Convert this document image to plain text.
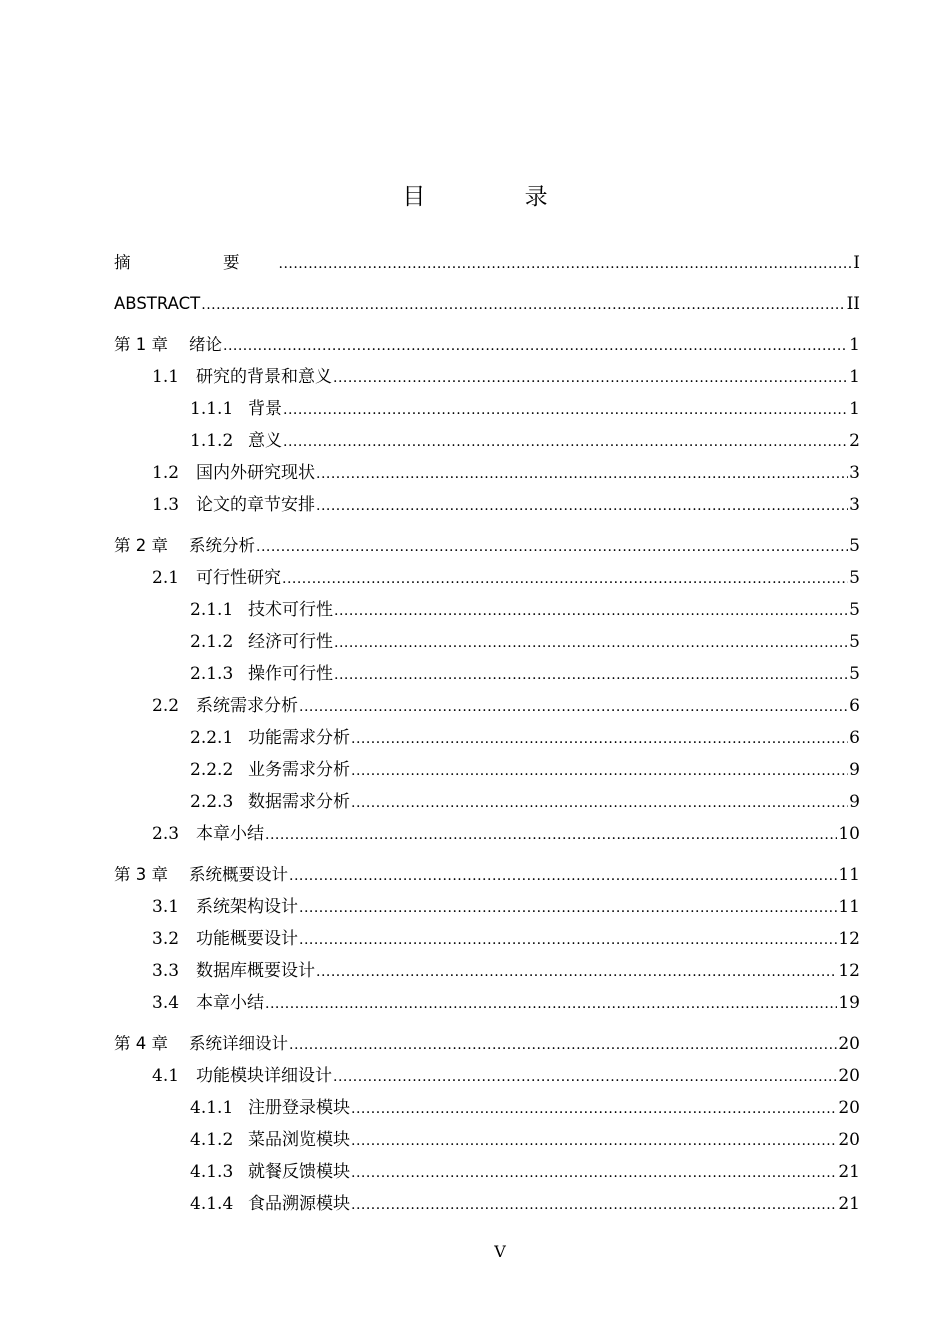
目 录
摘　要 .....	I
ABSTRACT .....	II
第 1 章	绪论 .....	1
1.1 研究的背景和意义 .....	1
1.1.1 背景 .....	1
1.1.2 意义 .....	2
1.2 国内外研究现状 .....	3
1.3 论文的章节安排 .....	3
第 2 章	系统分析 .....	5
2.1 可行性研究 .....	5
2.1.1 技术可行性 .....	5
2.1.2 经济可行性 .....	5
2.1.3 操作可行性 .....	5
2.2 系统需求分析 .....	6
2.2.1 功能需求分析 .....	6
2.2.2 业务需求分析 .....	9
2.2.3 数据需求分析 .....	9
2.3 本章小结 .....	10
第 3 章	系统概要设计 .....	11
3.1 系统架构设计 .....	11
3.2 功能概要设计 .....	12
3.3 数据库概要设计 .....	12
3.4 本章小结 .....	19
第 4 章	系统详细设计 .....	20
4.1 功能模块详细设计 .....	20
4.1.1 注册登录模块 .....	20
4.1.2 菜品浏览模块 .....	20
4.1.3 就餐反馈模块 .....	21
4.1.4 食品溯源模块 .....	21
V
